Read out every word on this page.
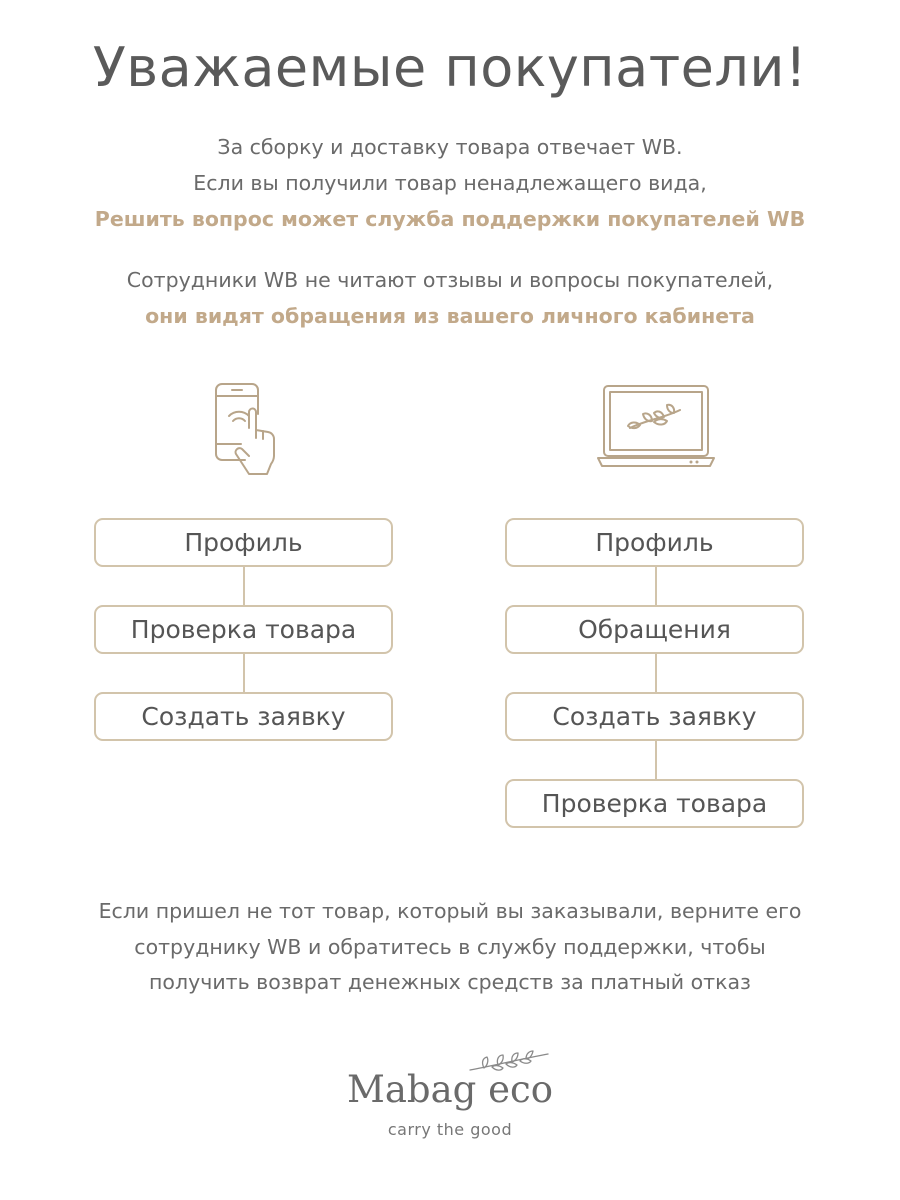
Уважаемые покупатели!
За сборку и доставку товара отвечает WB.
Если вы получили товар ненадлежащего вида,
Решить вопрос может служба поддержки покупателей WB
Сотрудники WB не читают отзывы и вопросы покупателей,
они видят обращения из вашего личного кабинета
Профиль
Проверка товара
Создать заявку
Профиль
Обращения
Создать заявку
Проверка товара
Если пришел не тот товар, который вы заказывали, верните его
сотруднику WB и обратитесь в службу поддержки, чтобы
получить возврат денежных средств за платный отказ
Mabag eco
carry the good
